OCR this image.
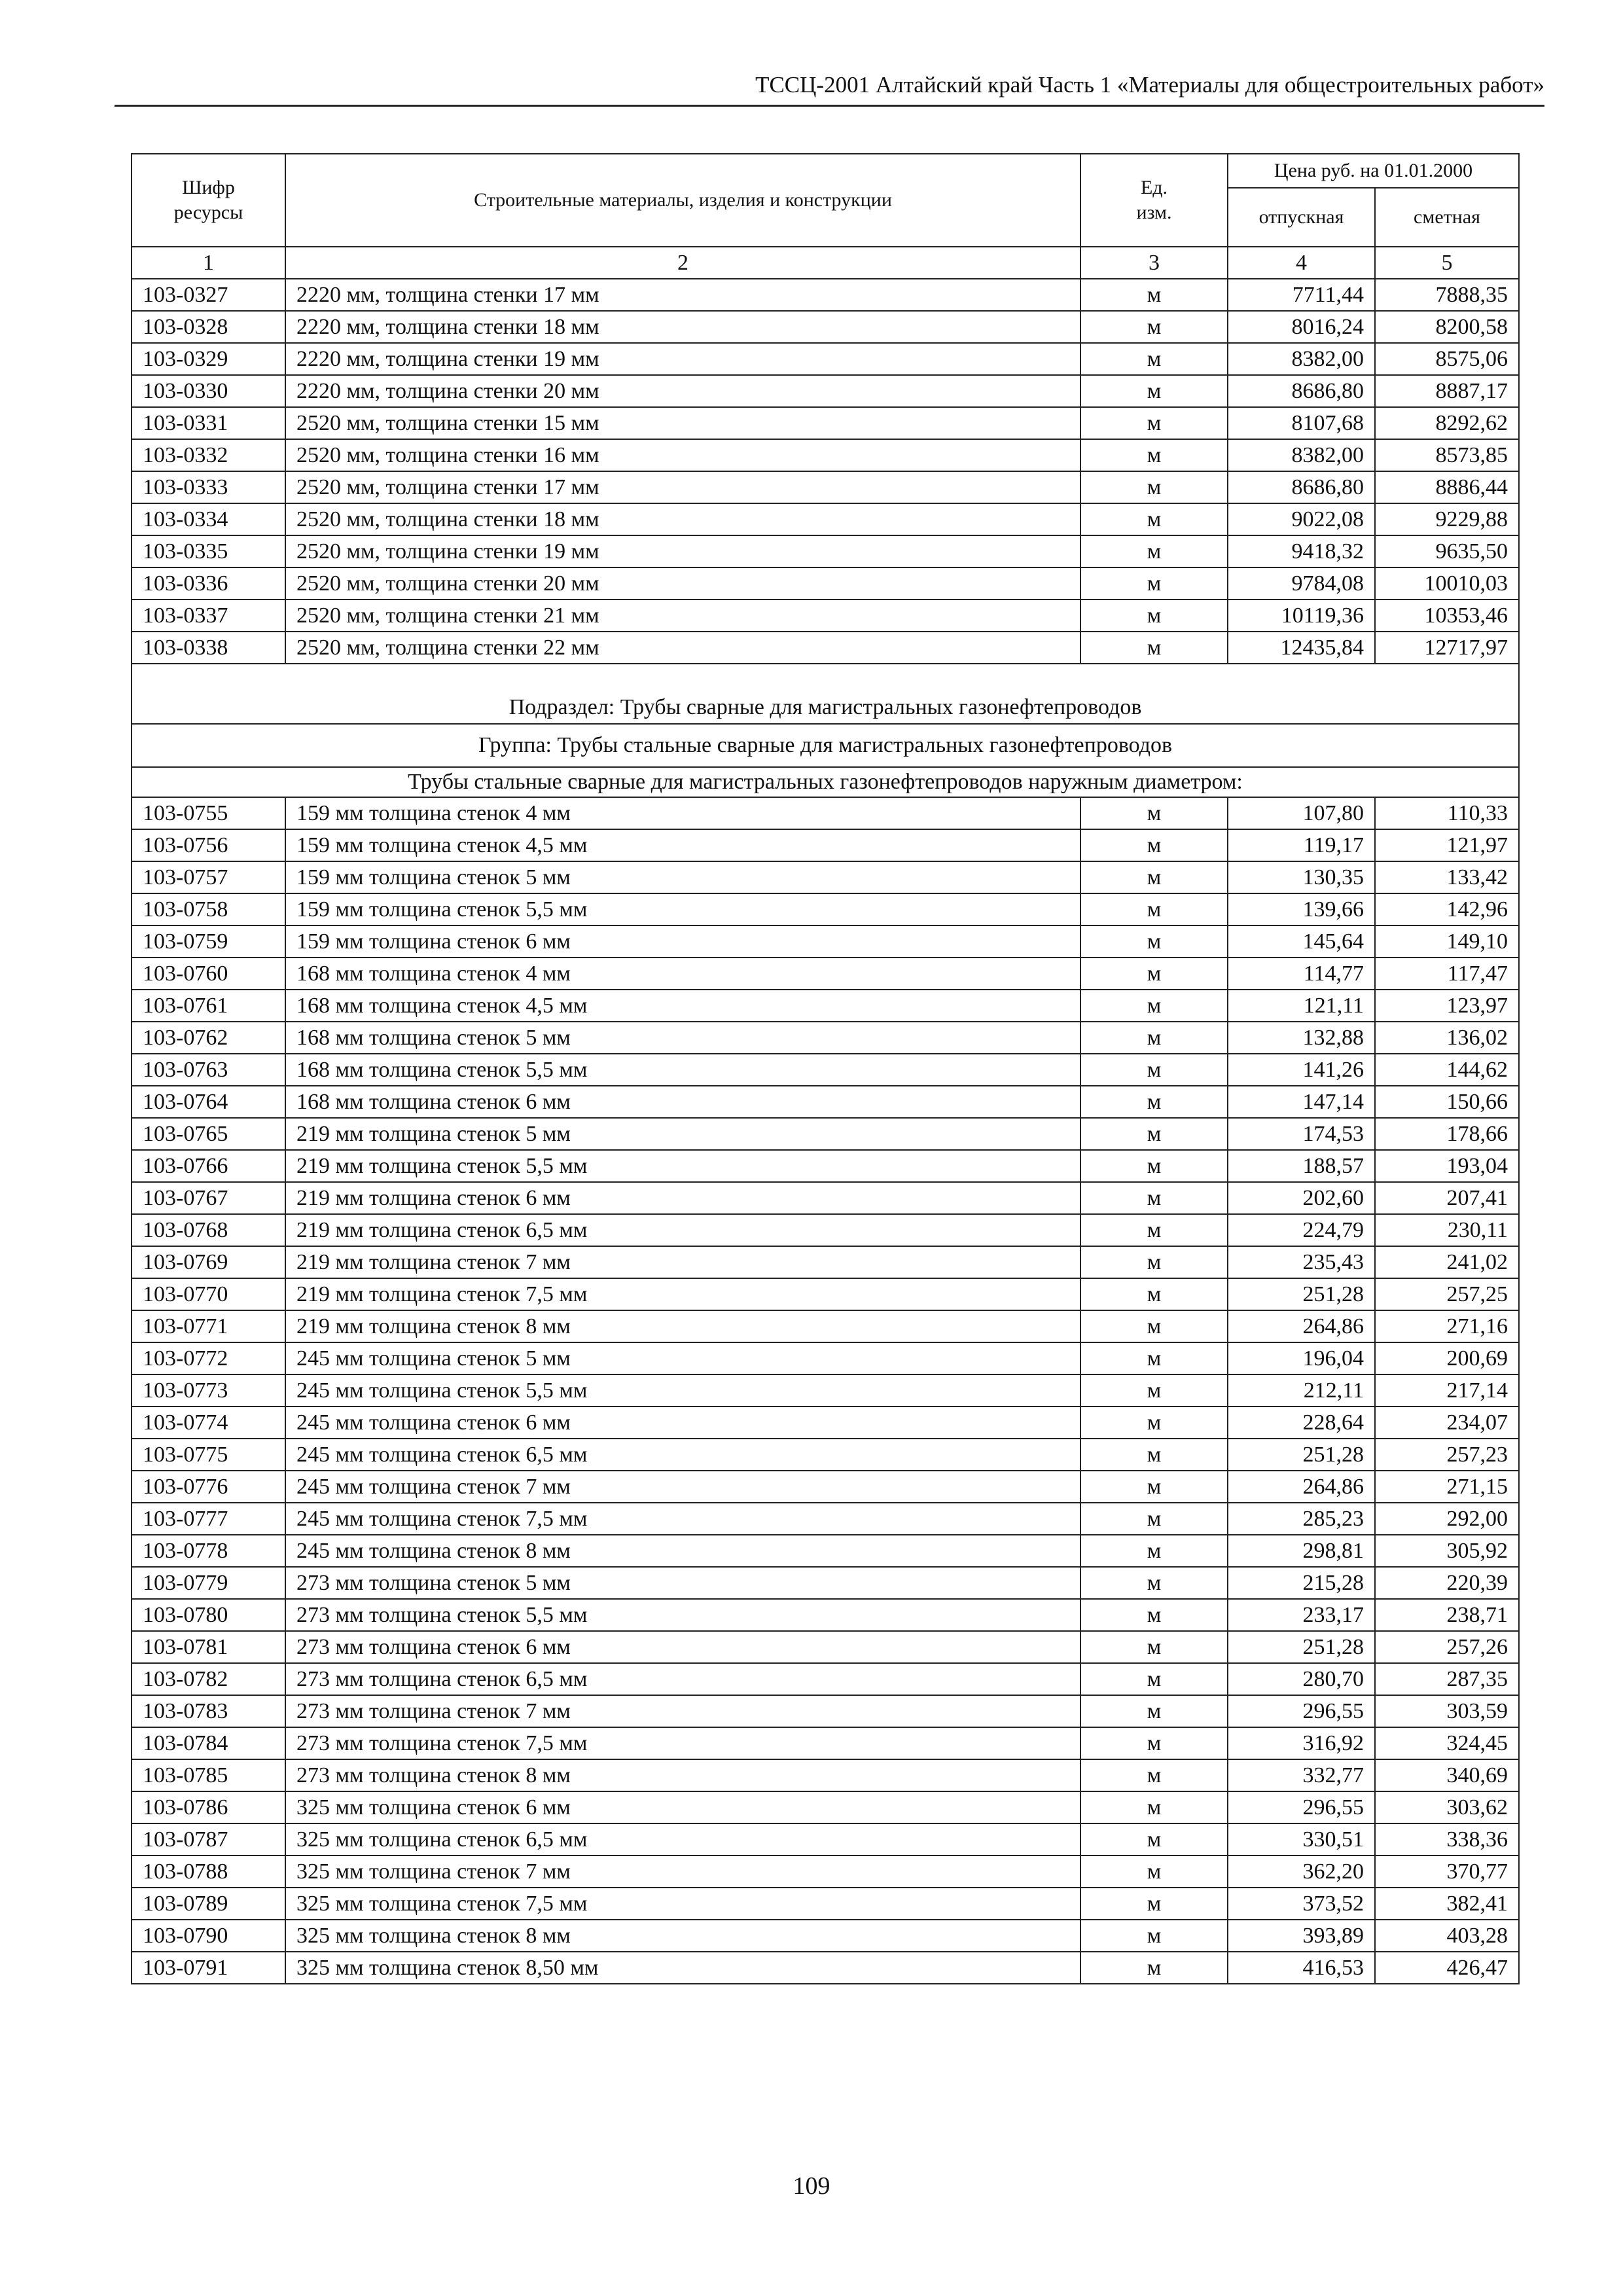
ТССЦ-2001 Алтайский край Часть 1 «Материалы для общестроительных работ»
Шифр ресурсы	Строительные материалы, изделия и конструкции	Ед. изм.	Цена руб. на 01.01.2000	
			отпускная	сметная
1	2	3	4	5
103-0327	2220 мм, толщина стенки 17 мм	м	7711,44	7888,35
103-0328	2220 мм, толщина стенки 18 мм	м	8016,24	8200,58
103-0329	2220 мм, толщина стенки 19 мм	м	8382,00	8575,06
103-0330	2220 мм, толщина стенки 20 мм	м	8686,80	8887,17
103-0331	2520 мм, толщина стенки 15 мм	м	8107,68	8292,62
103-0332	2520 мм, толщина стенки 16 мм	м	8382,00	8573,85
103-0333	2520 мм, толщина стенки 17 мм	м	8686,80	8886,44
103-0334	2520 мм, толщина стенки 18 мм	м	9022,08	9229,88
103-0335	2520 мм, толщина стенки 19 мм	м	9418,32	9635,50
103-0336	2520 мм, толщина стенки 20 мм	м	9784,08	10010,03
103-0337	2520 мм, толщина стенки 21 мм	м	10119,36	10353,46
103-0338	2520 мм, толщина стенки 22 мм	м	12435,84	12717,97
Подраздел: Трубы сварные для магистральных газонефтепроводов				
Группа: Трубы стальные сварные для магистральных газонефтепроводов				
Трубы стальные сварные для магистральных газонефтепроводов наружным диаметром:				
103-0755	159 мм толщина стенок 4 мм	м	107,80	110,33
103-0756	159 мм толщина стенок 4,5 мм	м	119,17	121,97
103-0757	159 мм толщина стенок 5 мм	м	130,35	133,42
103-0758	159 мм толщина стенок 5,5 мм	м	139,66	142,96
103-0759	159 мм толщина стенок 6 мм	м	145,64	149,10
103-0760	168 мм толщина стенок 4 мм	м	114,77	117,47
103-0761	168 мм толщина стенок 4,5 мм	м	121,11	123,97
103-0762	168 мм толщина стенок 5 мм	м	132,88	136,02
103-0763	168 мм толщина стенок 5,5 мм	м	141,26	144,62
103-0764	168 мм толщина стенок 6 мм	м	147,14	150,66
103-0765	219 мм толщина стенок 5 мм	м	174,53	178,66
103-0766	219 мм толщина стенок 5,5 мм	м	188,57	193,04
103-0767	219 мм толщина стенок 6 мм	м	202,60	207,41
103-0768	219 мм толщина стенок 6,5 мм	м	224,79	230,11
103-0769	219 мм толщина стенок 7 мм	м	235,43	241,02
103-0770	219 мм толщина стенок 7,5 мм	м	251,28	257,25
103-0771	219 мм толщина стенок 8 мм	м	264,86	271,16
103-0772	245 мм толщина стенок 5 мм	м	196,04	200,69
103-0773	245 мм толщина стенок 5,5 мм	м	212,11	217,14
103-0774	245 мм толщина стенок 6 мм	м	228,64	234,07
103-0775	245 мм толщина стенок 6,5 мм	м	251,28	257,23
103-0776	245 мм толщина стенок 7 мм	м	264,86	271,15
103-0777	245 мм толщина стенок 7,5 мм	м	285,23	292,00
103-0778	245 мм толщина стенок 8 мм	м	298,81	305,92
103-0779	273 мм толщина стенок 5 мм	м	215,28	220,39
103-0780	273 мм толщина стенок 5,5 мм	м	233,17	238,71
103-0781	273 мм толщина стенок 6 мм	м	251,28	257,26
103-0782	273 мм толщина стенок 6,5 мм	м	280,70	287,35
103-0783	273 мм толщина стенок 7 мм	м	296,55	303,59
103-0784	273 мм толщина стенок 7,5 мм	м	316,92	324,45
103-0785	273 мм толщина стенок 8 мм	м	332,77	340,69
103-0786	325 мм толщина стенок 6 мм	м	296,55	303,62
103-0787	325 мм толщина стенок 6,5 мм	м	330,51	338,36
103-0788	325 мм толщина стенок 7 мм	м	362,20	370,77
103-0789	325 мм толщина стенок 7,5 мм	м	373,52	382,41
103-0790	325 мм толщина стенок 8 мм	м	393,89	403,28
103-0791	325 мм толщина стенок 8,50 мм	м	416,53	426,47
109
